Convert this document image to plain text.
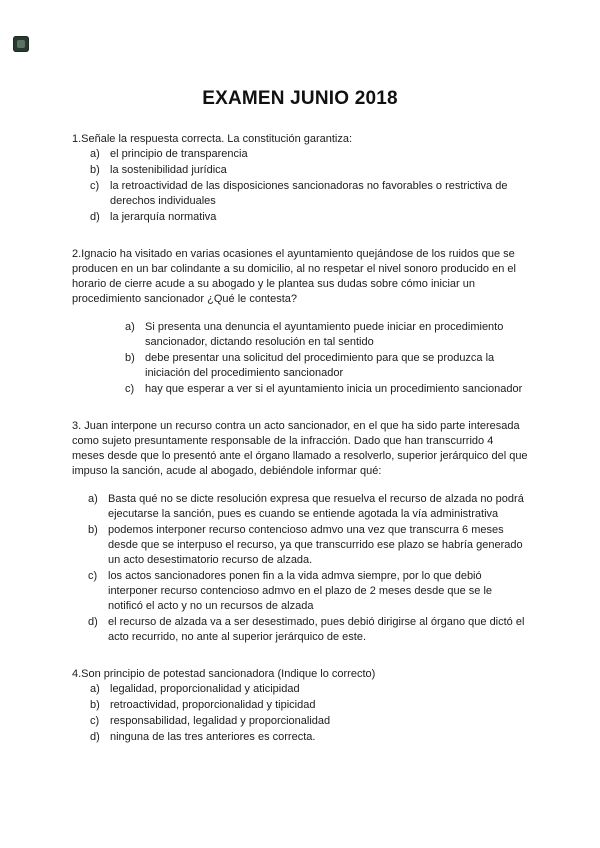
EXAMEN JUNIO 2018

1.Señale la respuesta correcta. La constitución garantiza:

a) el principio de transparencia
b) la sostenibilidad jurídica
c) la retroactividad de las disposiciones sancionadoras no favorables o restrictiva de derechos individuales
d) la jerarquía normativa

2.Ignacio ha visitado en varias ocasiones el ayuntamiento quejándose de los ruidos que se producen en un bar colindante a su domicilio, al no respetar el nivel sonoro producido en el horario de cierre acude a su abogado y le plantea sus dudas sobre cómo iniciar un procedimiento sancionador ¿Qué le contesta?

a) Si presenta una denuncia el ayuntamiento puede iniciar en procedimiento sancionador, dictando resolución en tal sentido
b) debe presentar una solicitud del procedimiento para que se produzca la iniciación del procedimiento sancionador
c) hay que esperar a ver si el ayuntamiento inicia un procedimiento sancionador

3. Juan interpone un recurso contra un acto sancionador, en el que ha sido parte interesada como sujeto presuntamente responsable de la infracción. Dado que han transcurrido 4 meses desde que lo presentó ante el órgano llamado a resolverlo, superior jerárquico del que impuso la sanción, acude al abogado, debiéndole informar qué:

a) Basta qué no se dicte resolución expresa que resuelva el recurso de alzada no podrá ejecutarse la sanción, pues es cuando se entiende agotada la vía administrativa
b) podemos interponer recurso contencioso admvo una vez que transcurra 6 meses desde que se interpuso el recurso, ya que transcurrido ese plazo se habría generado un acto desestimatorio recurso de alzada.
c) los actos sancionadores ponen fin a la vida admva siempre, por lo que debió interponer recurso contencioso admvo en el plazo de 2 meses desde que se le notificó el acto y no un recursos de alzada
d) el recurso de alzada va a ser desestimado, pues debió dirigirse al órgano que dictó el acto recurrido, no ante al superior jerárquico de este.

4.Son principio de potestad sancionadora (Indique lo correcto)

a) legalidad, proporcionalidad y aticipidad
b) retroactividad, proporcionalidad y tipicidad
c) responsabilidad, legalidad y proporcionalidad
d) ninguna de las tres anteriores es correcta.
